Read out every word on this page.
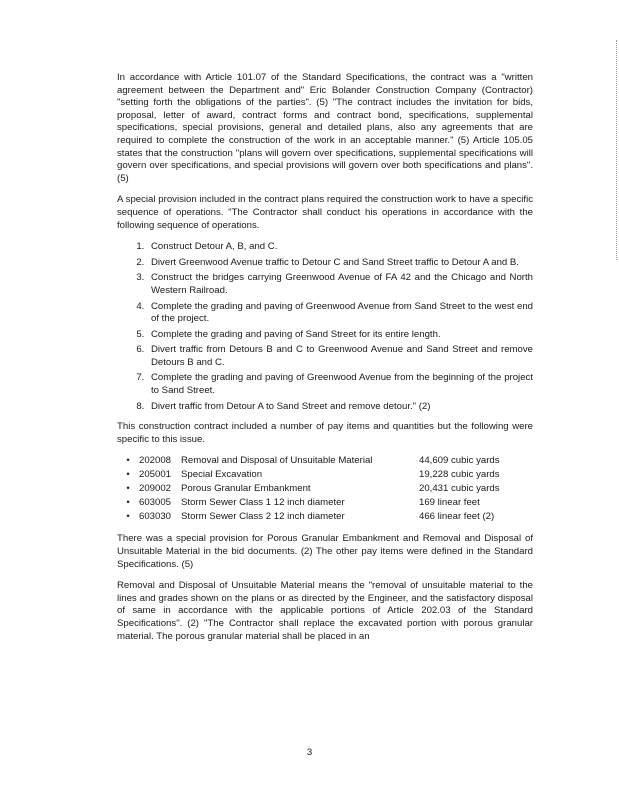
In accordance with Article 101.07 of the Standard Specifications, the contract was a "written agreement between the Department and" Eric Bolander Construction Company (Contractor) "setting forth the obligations of the parties". (5) "The contract includes the invitation for bids, proposal, letter of award, contract forms and contract bond, specifications, supplemental specifications, special provisions, general and detailed plans, also any agreements that are required to complete the construction of the work in an acceptable manner." (5) Article 105.05 states that the construction "plans will govern over specifications, supplemental specifications will govern over specifications, and special provisions will govern over both specifications and plans". (5)

A special provision included in the contract plans required the construction work to have a specific sequence of operations. "The Contractor shall conduct his operations in accordance with the following sequence of operations.

1. Construct Detour A, B, and C.
2. Divert Greenwood Avenue traffic to Detour C and Sand Street traffic to Detour A and B.
3. Construct the bridges carrying Greenwood Avenue of FA 42 and the Chicago and North Western Railroad.
4. Complete the grading and paving of Greenwood Avenue from Sand Street to the west end of the project.
5. Complete the grading and paving of Sand Street for its entire length.
6. Divert traffic from Detours B and C to Greenwood Avenue and Sand Street and remove Detours B and C.
7. Complete the grading and paving of Greenwood Avenue from the beginning of the project to Sand Street.
8. Divert traffic from Detour A to Sand Street and remove detour." (2)

This construction contract included a number of pay items and quantities but the following were specific to this issue.

• 202008	Removal and Disposal of Unsuitable Material	44,609 cubic yards
• 205001	Special Excavation	19,228 cubic yards
• 209002	Porous Granular Embankment	20,431 cubic yards
• 603005	Storm Sewer Class 1 12 inch diameter	169 linear feet
• 603030	Storm Sewer Class 2 12 inch diameter	466 linear feet (2)

There was a special provision for Porous Granular Embankment and Removal and Disposal of Unsuitable Material in the bid documents. (2) The other pay items were defined in the Standard Specifications. (5)

Removal and Disposal of Unsuitable Material means the "removal of unsuitable material to the lines and grades shown on the plans or as directed by the Engineer, and the satisfactory disposal of same in accordance with the applicable portions of Article 202.03 of the Standard Specifications". (2) "The Contractor shall replace the excavated portion with porous granular material. The porous granular material shall be placed in an

3
